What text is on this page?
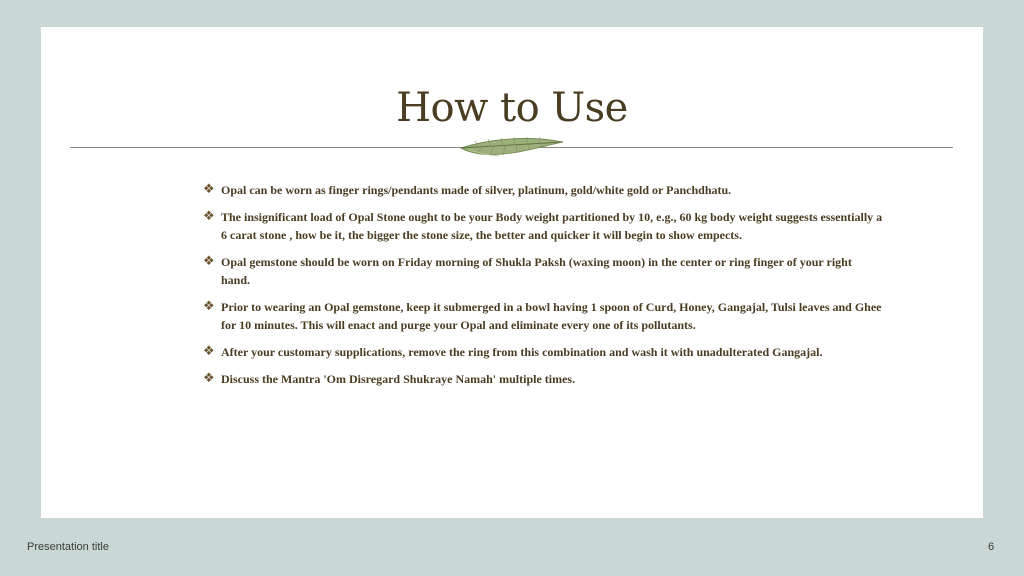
How to Use
❖ Opal can be worn as finger rings/pendants made of silver, platinum, gold/white gold or Panchdhatu.
❖ The insignificant load of Opal Stone ought to be your Body weight partitioned by 10, e.g., 60 kg body weight suggests essentially a 6 carat stone , how be it, the bigger the stone size, the better and quicker it will begin to show empects.
❖ Opal gemstone should be worn on Friday morning of Shukla Paksh (waxing moon) in the center or ring finger of your right hand.
❖ Prior to wearing an Opal gemstone, keep it submerged in a bowl having 1 spoon of Curd, Honey, Gangajal, Tulsi leaves and Ghee for 10 minutes. This will enact and purge your Opal and eliminate every one of its pollutants.
❖ After your customary supplications, remove the ring from this combination and wash it with unadulterated Gangajal.
❖ Discuss the Mantra 'Om Disregard Shukraye Namah' multiple times.
Presentation title	6
